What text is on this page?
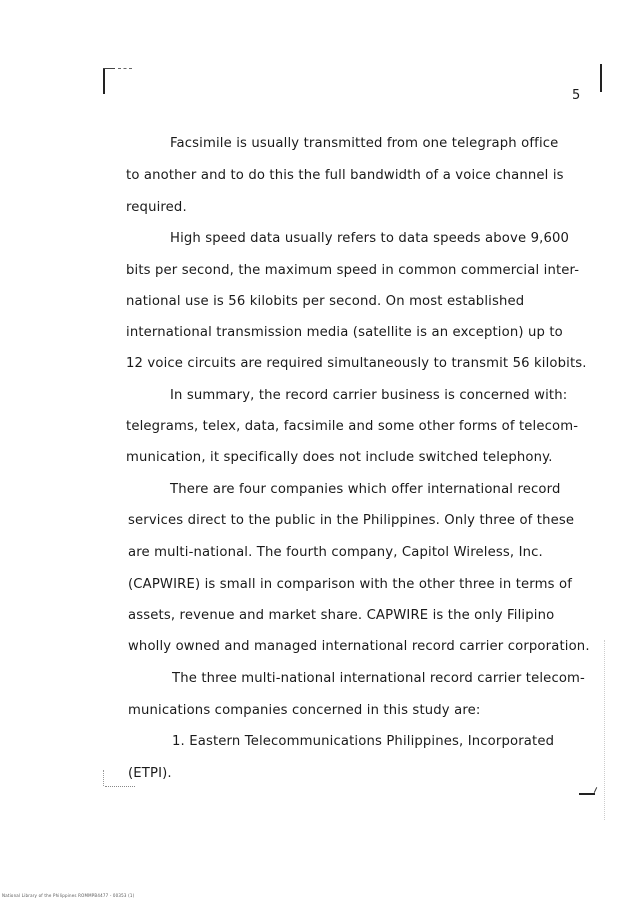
5
Facsimile is usually transmitted from one telegraph office
to another and to do this the full bandwidth of a voice channel is
required.
High speed data usually refers to data speeds above 9,600
bits per second, the maximum speed in common commercial inter-
national use is 56 kilobits per second. On most established
international transmission media (satellite is an exception) up to
12 voice circuits are required simultaneously to transmit 56 kilobits.
In summary, the record carrier business is concerned with:
telegrams, telex, data, facsimile and some other forms of telecom-
munication, it specifically does not include switched telephony.
There are four companies which offer international record
services direct to the public in the Philippines. Only three of these
are multi-national. The fourth company, Capitol Wireless, Inc.
(CAPWIRE) is small in comparison with the other three in terms of
assets, revenue and market share. CAPWIRE is the only Filipino
wholly owned and managed international record carrier corporation.
The three multi-national international record carrier telecom-
munications companies concerned in this study are:
1. Eastern Telecommunications Philippines, Incorporated
(ETPI).
National Library of the Philippines ROMMPB4477 - 00353 (1)
